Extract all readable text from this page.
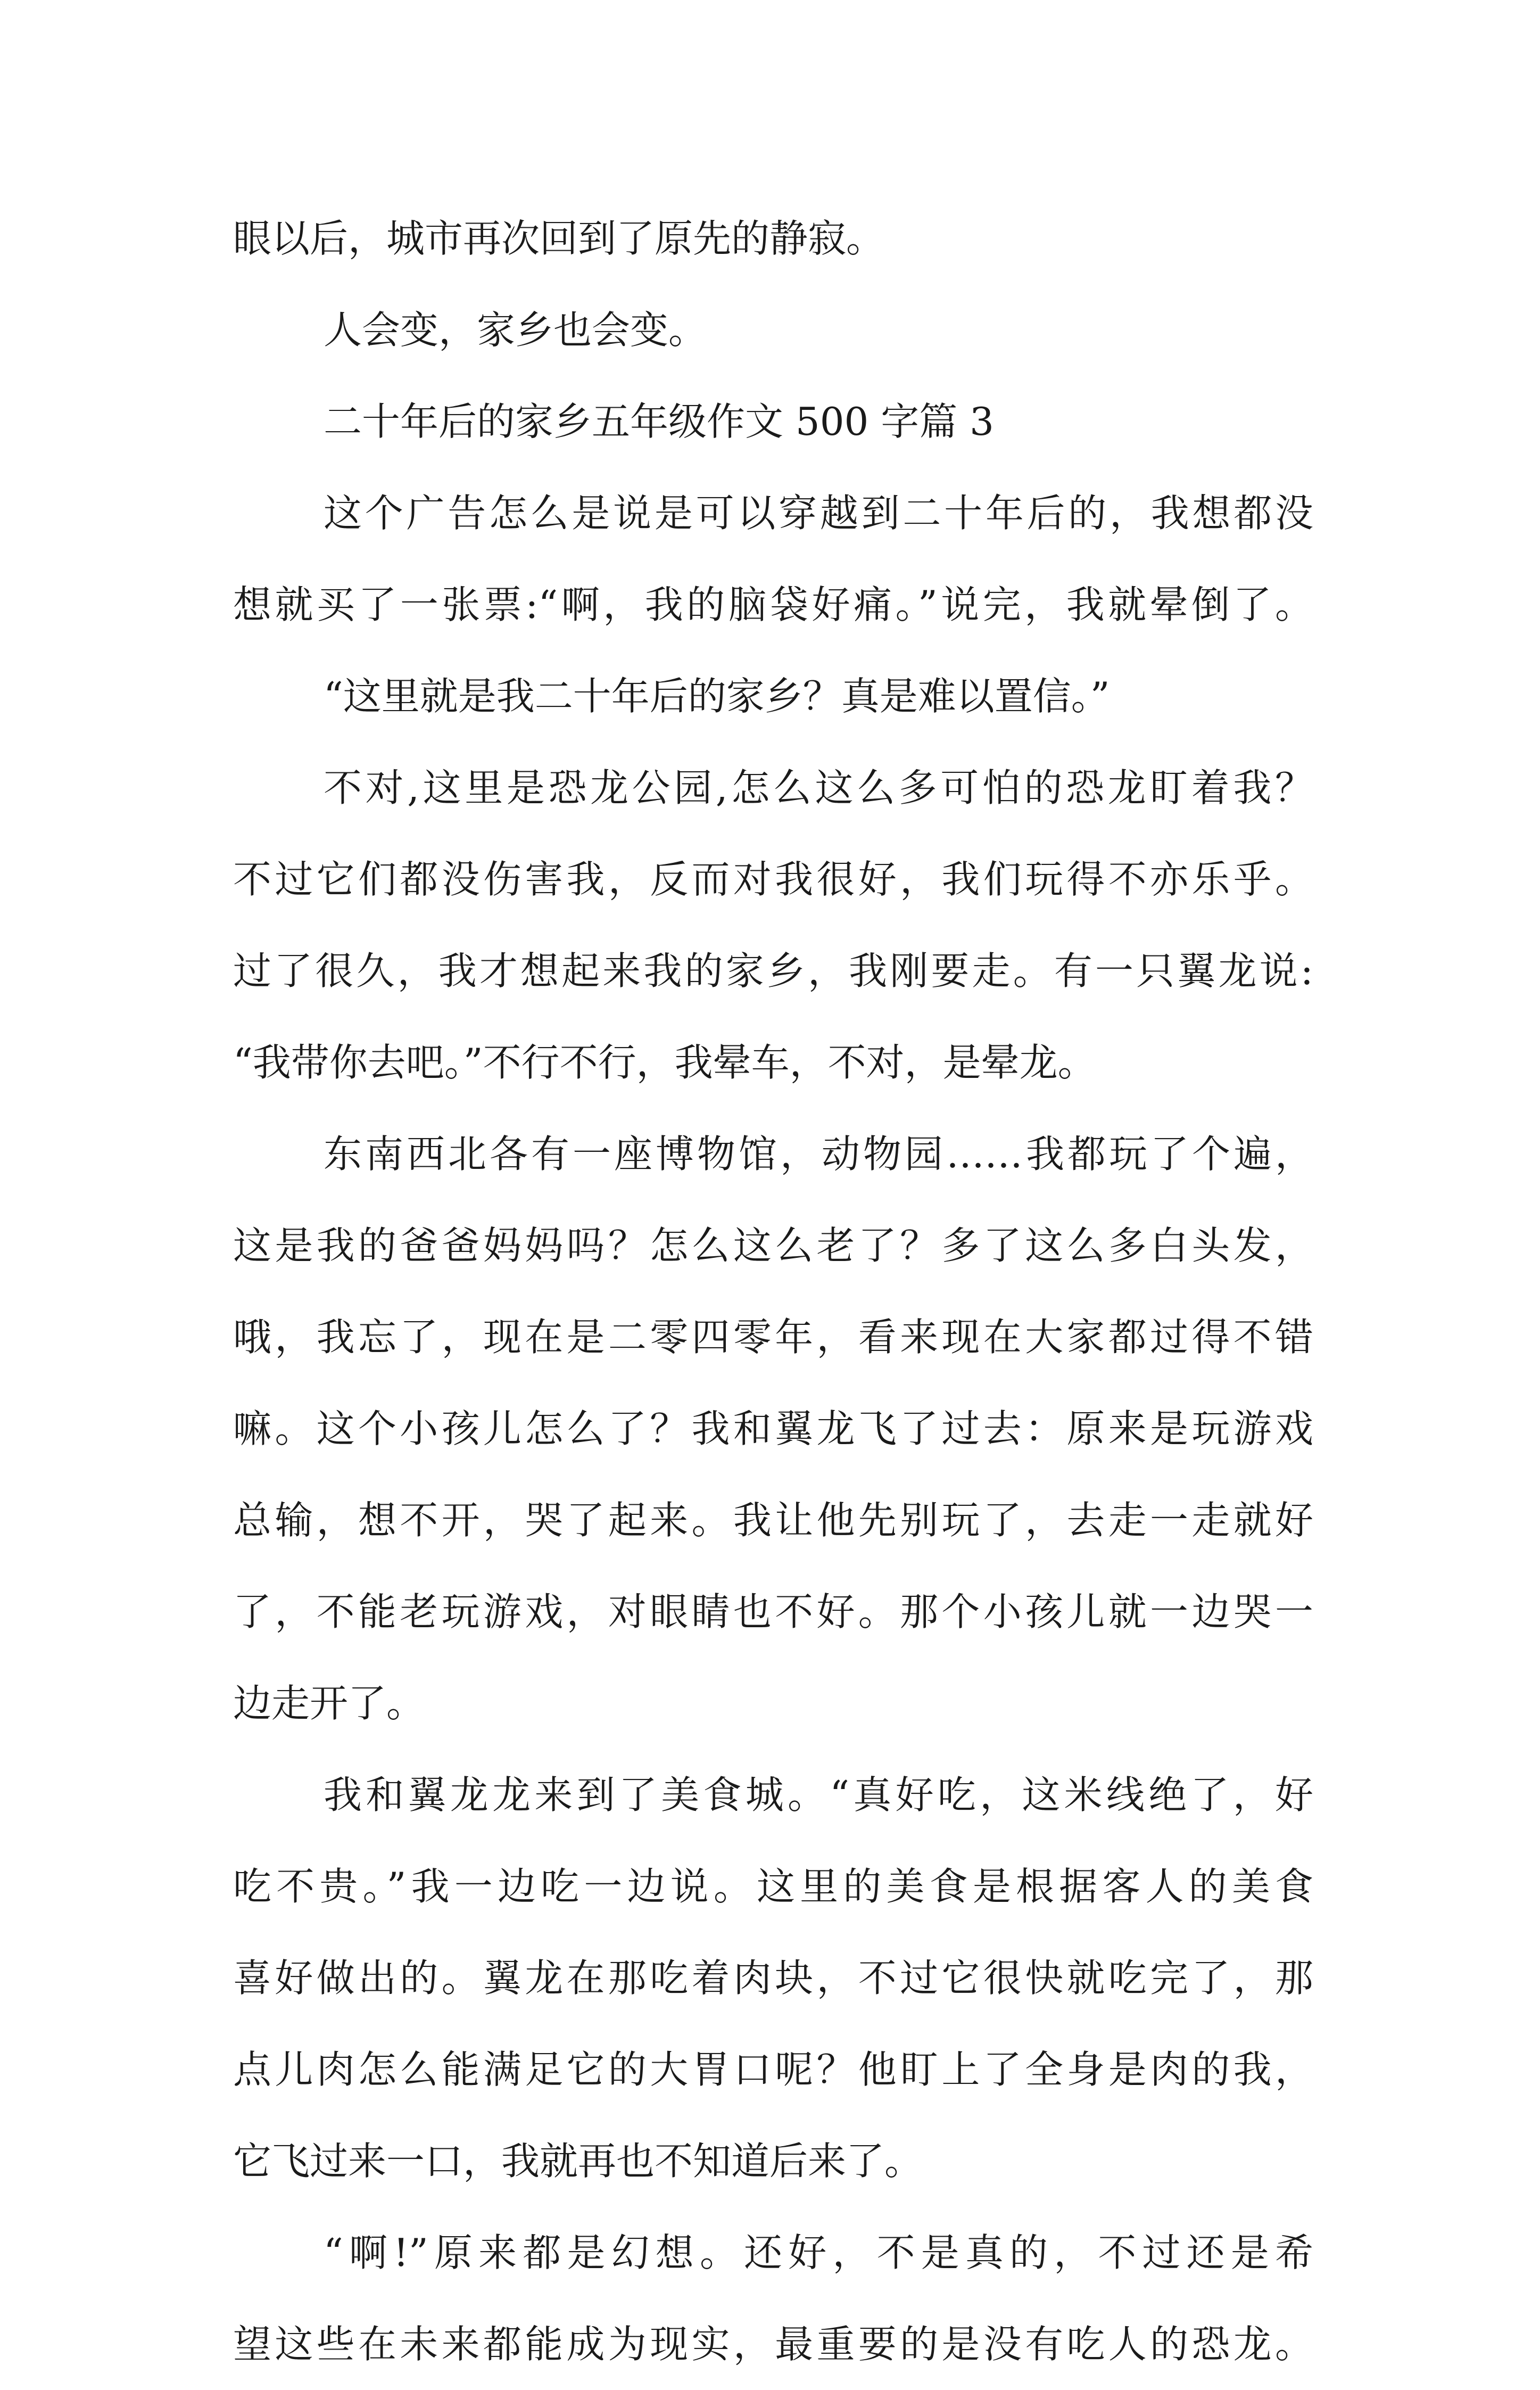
眼以后，城市再次回到了原先的静寂。
人会变，家乡也会变。
二十年后的家乡五年级作文 500 字篇 3
这个广告怎么是说是可以穿越到二十年后的，我想都没
想就买了一张票:“啊，我的脑袋好痛。”说完，我就晕倒了。
“这里就是我二十年后的家乡？真是难以置信。”
不对,这里是恐龙公园,怎么这么多可怕的恐龙盯着我？
不过它们都没伤害我，反而对我很好，我们玩得不亦乐乎。
过了很久，我才想起来我的家乡，我刚要走。有一只翼龙说:
“我带你去吧。”不行不行，我晕车，不对，是晕龙。
东南西北各有一座博物馆，动物园……我都玩了个遍，
这是我的爸爸妈妈吗？怎么这么老了？多了这么多白头发，
哦，我忘了，现在是二零四零年，看来现在大家都过得不错
嘛。这个小孩儿怎么了？我和翼龙飞了过去：原来是玩游戏
总输，想不开，哭了起来。我让他先别玩了，去走一走就好
了，不能老玩游戏，对眼睛也不好。那个小孩儿就一边哭一
边走开了。
我和翼龙龙来到了美食城。“真好吃，这米线绝了，好
吃不贵。”我一边吃一边说。这里的美食是根据客人的美食
喜好做出的。翼龙在那吃着肉块，不过它很快就吃完了，那
点儿肉怎么能满足它的大胃口呢？他盯上了全身是肉的我，
它飞过来一口，我就再也不知道后来了。
“啊!”原来都是幻想。还好，不是真的，不过还是希
望这些在未来都能成为现实，最重要的是没有吃人的恐龙。
